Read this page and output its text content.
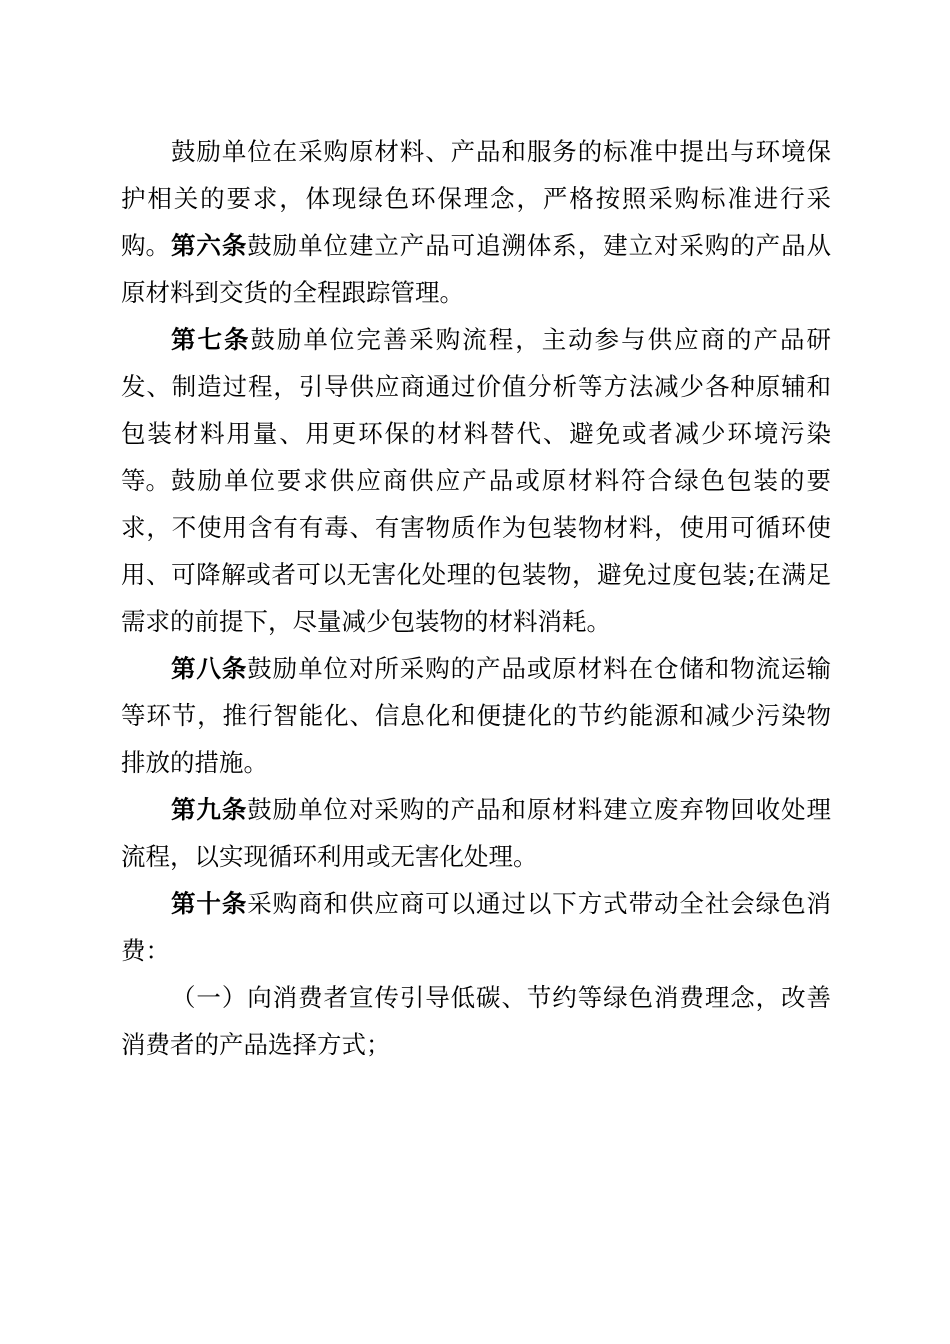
鼓励单位在采购原材料、产品和服务的标准中提出与环境保护相关的要求，体现绿色环保理念，严格按照采购标准进行采购。 第六条鼓励单位建立产品可追溯体系，建立对采购的产品从原材料到交货的全程跟踪管理。

第七条鼓励单位完善采购流程，主动参与供应商的产品研发、制造过程，引导供应商通过价值分析等方法减少各种原辅和包装材料用量、用更环保的材料替代、避免或者减少环境污染等。 鼓励单位要求供应商供应产品或原材料符合绿色包装的要求，不使用含有有毒、有害物质作为包装物材料，使用可循环使用、可降解或者可以无害化处理的包装物，避免过度包装;在满足需求的前提下，尽量减少包装物的材料消耗。

第八条鼓励单位对所采购的产品或原材料在仓储和物流运输等环节，推行智能化、信息化和便捷化的节约能源和减少污染物排放的措施。

第九条鼓励单位对采购的产品和原材料建立废弃物回收处理流程，以实现循环利用或无害化处理。

第十条采购商和供应商可以通过以下方式带动全社会绿色消费：

（一）向消费者宣传引导低碳、节约等绿色消费理念，改善消费者的产品选择方式；
